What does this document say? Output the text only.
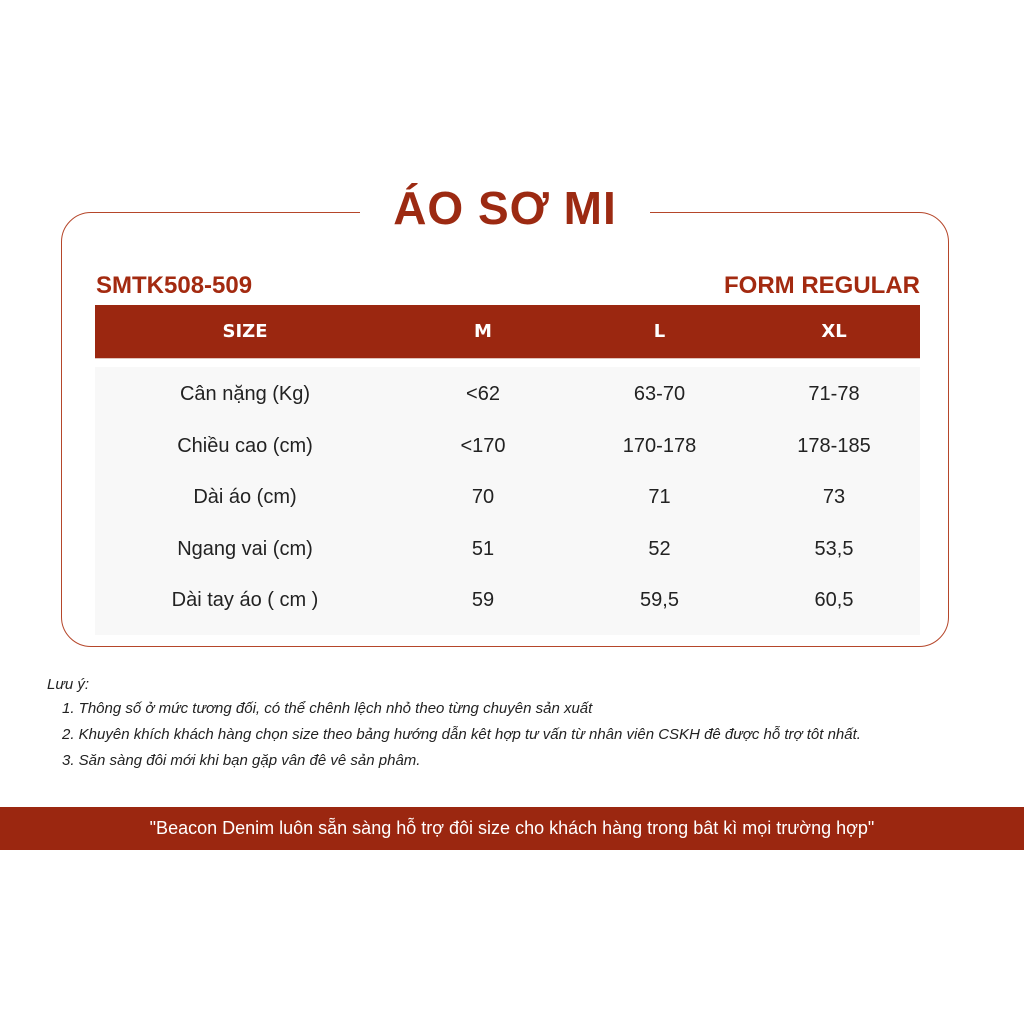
ÁO SƠ MI
SMTK508-509	FORM REGULAR
SIZE	M	L	XL
Cân nặng (Kg)	<62	63-70	71-78
Chiều cao (cm)	<170	170-178	178-185
Dài áo (cm)	70	71	73
Ngang vai (cm)	51	52	53,5
Dài tay áo ( cm )	59	59,5	60,5
Lưu ý:
1. Thông số ở mức tương đối, có thể chênh lệch nhỏ theo từng chuyên sản xuất
2. Khuyên khích khách hàng chọn size theo bảng hướng dẫn kêt hợp tư vấn từ nhân viên CSKH đê được hỗ trợ tôt nhất.
3. Săn sàng đôi mới khi bạn gặp vân đê vê sản phâm.
"Beacon Denim luôn sẵn sàng hỗ trợ đôi size cho khách hàng trong bât kì mọi trường hợp"
